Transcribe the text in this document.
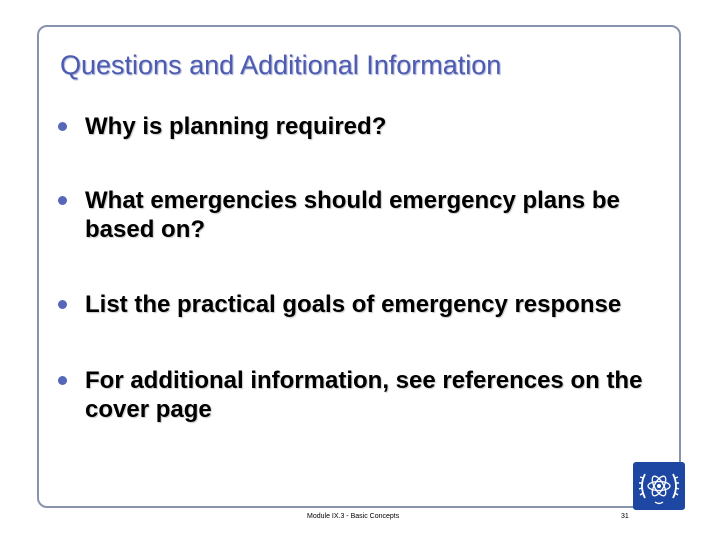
Questions and Additional Information
Why is planning required?
What emergencies should emergency plans be based on?
List the practical goals of emergency response
For additional information, see references on the cover page
Module IX.3 - Basic Concepts	31
